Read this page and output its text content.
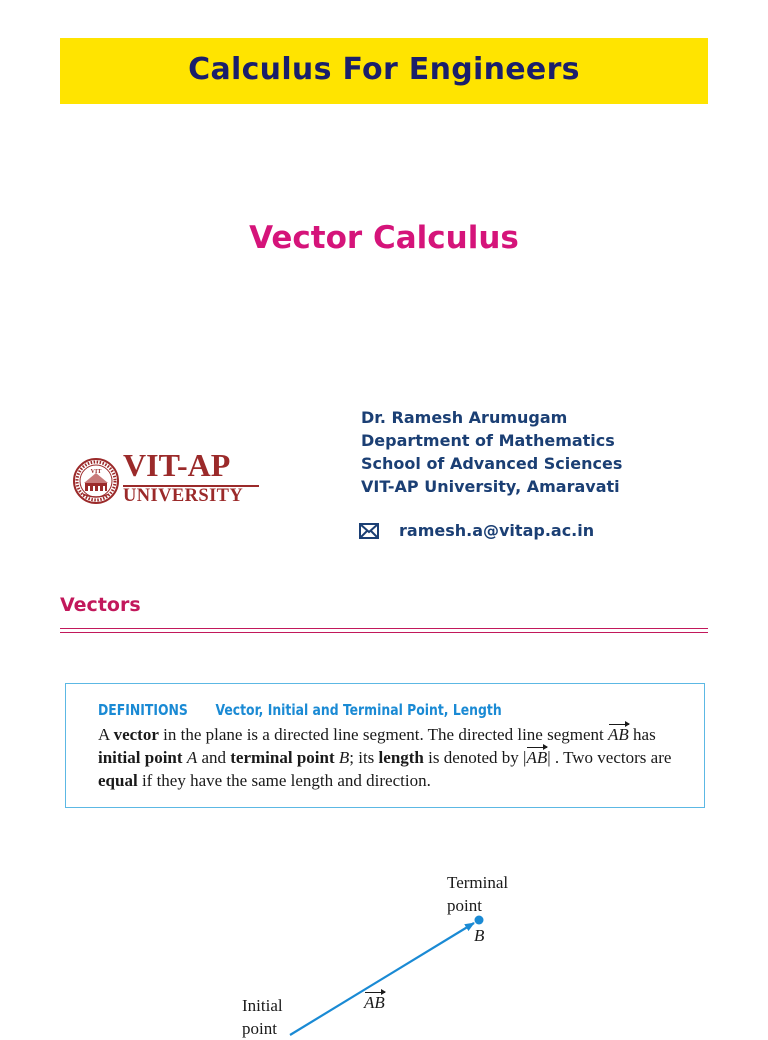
Calculus For Engineers
Vector Calculus
VIT VIT-AP
UNIVERSITY
Dr. Ramesh Arumugam
Department of Mathematics
School of Advanced Sciences
VIT-AP University, Amaravati
ramesh.a@vitap.ac.in
Vectors
DEFINITIONS Vector, Initial and Terminal Point, Length
A vector in the plane is a directed line segment. The directed line segment AB has initial point A and terminal point B; its length is denoted by |AB| . Two vectors are equal if they have the same length and direction.
Terminal
point
B
Initial
point
AB
